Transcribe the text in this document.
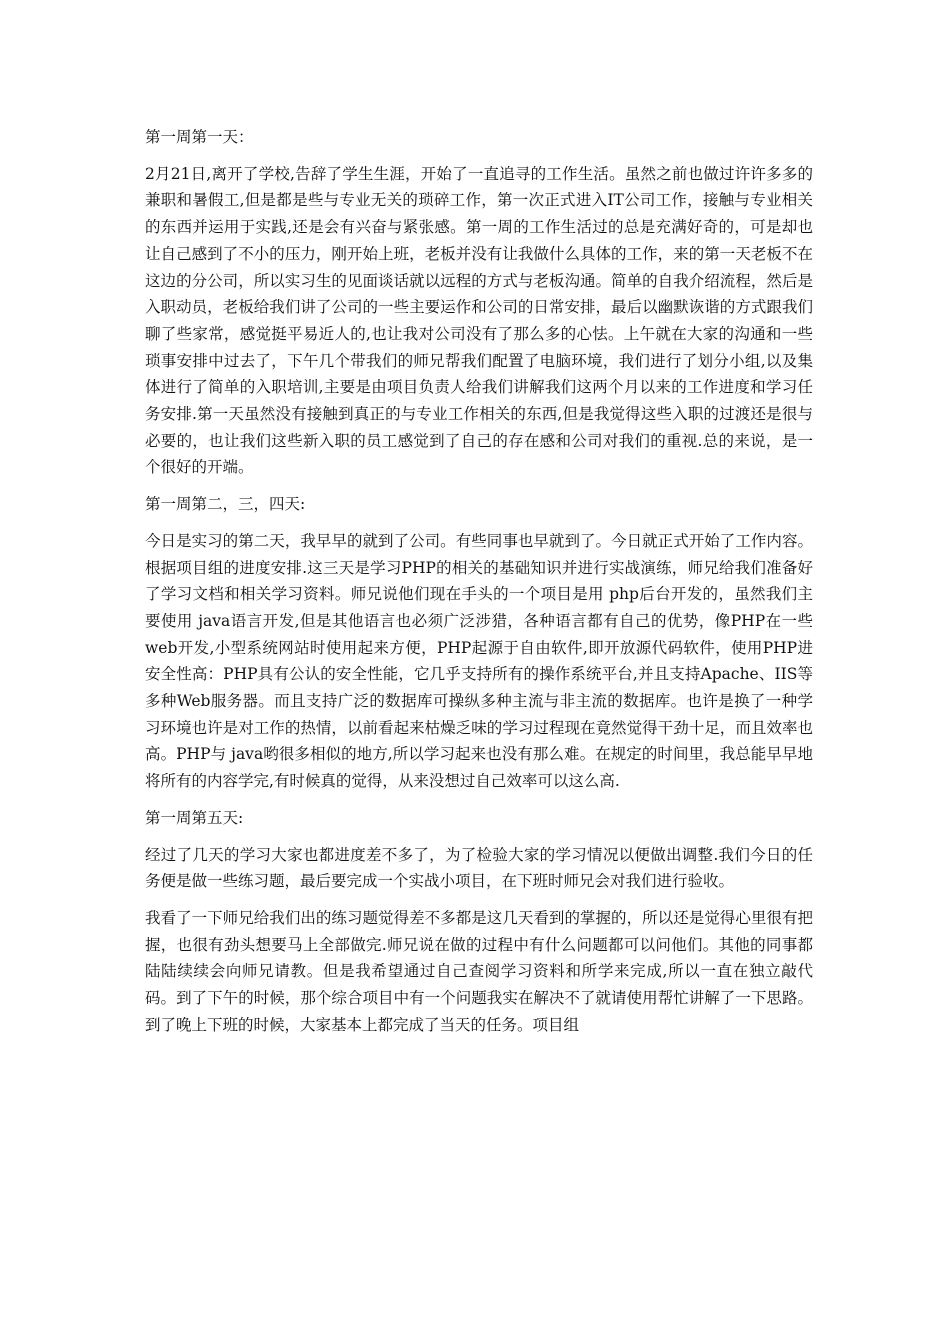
第一周第一天：

2月21日,离开了学校,告辞了学生生涯，开始了一直追寻的工作生活。虽然之前也做过许许多多的兼职和暑假工,但是都是些与专业无关的琐碎工作，第一次正式进入IT公司工作，接触与专业相关的东西并运用于实践,还是会有兴奋与紧张感。第一周的工作生活过的总是充满好奇的，可是却也让自己感到了不小的压力，刚开始上班，老板并没有让我做什么具体的工作，来的第一天老板不在这边的分公司，所以实习生的见面谈话就以远程的方式与老板沟通。简单的自我介绍流程，然后是入职动员，老板给我们讲了公司的一些主要运作和公司的日常安排，最后以幽默诙谐的方式跟我们聊了些家常，感觉挺平易近人的,也让我对公司没有了那么多的心怯。上午就在大家的沟通和一些琐事安排中过去了，下午几个带我们的师兄帮我们配置了电脑环境，我们进行了划分小组,以及集体进行了简单的入职培训,主要是由项目负责人给我们讲解我们这两个月以来的工作进度和学习任务安排.第一天虽然没有接触到真正的与专业工作相关的东西,但是我觉得这些入职的过渡还是很与必要的，也让我们这些新入职的员工感觉到了自己的存在感和公司对我们的重视.总的来说，是一个很好的开端。

第一周第二，三，四天:

今日是实习的第二天，我早早的就到了公司。有些同事也早就到了。今日就正式开始了工作内容。根据项目组的进度安排.这三天是学习PHP的相关的基础知识并进行实战演练，师兄给我们准备好了学习文档和相关学习资料。师兄说他们现在手头的一个项目是用 php后台开发的，虽然我们主要使用 java语言开发,但是其他语言也必须广泛涉猎，各种语言都有自己的优势，像PHP在一些web开发,小型系统网站时使用起来方便，PHP起源于自由软件,即开放源代码软件，使用PHP进安全性高：PHP具有公认的安全性能，它几乎支持所有的操作系统平台,并且支持Apache、IIS等多种Web服务器。而且支持广泛的数据库可操纵多种主流与非主流的数据库。也许是换了一种学习环境也许是对工作的热情，以前看起来枯燥乏味的学习过程现在竟然觉得干劲十足，而且效率也高。PHP与 java哟很多相似的地方,所以学习起来也没有那么难。在规定的时间里，我总能早早地将所有的内容学完,有时候真的觉得，从来没想过自己效率可以这么高.

第一周第五天:

经过了几天的学习大家也都进度差不多了，为了检验大家的学习情况以便做出调整.我们今日的任务便是做一些练习题，最后要完成一个实战小项目，在下班时师兄会对我们进行验收。

我看了一下师兄给我们出的练习题觉得差不多都是这几天看到的掌握的，所以还是觉得心里很有把握，也很有劲头想要马上全部做完.师兄说在做的过程中有什么问题都可以问他们。其他的同事都陆陆续续会向师兄请教。但是我希望通过自己查阅学习资料和所学来完成,所以一直在独立敲代码。到了下午的时候，那个综合项目中有一个问题我实在解决不了就请使用帮忙讲解了一下思路。到了晚上下班的时候，大家基本上都完成了当天的任务。项目组
